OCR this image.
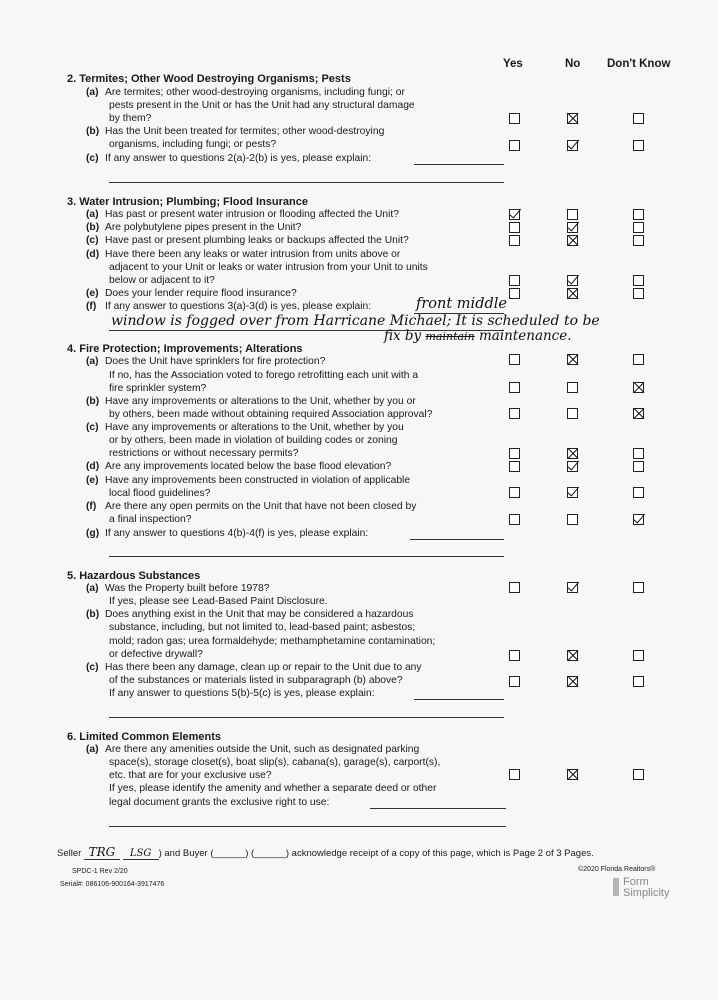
Yes	No Don't Know
2. Termites; Other Wood Destroying Organisms; Pests
(a) Are termites; other wood-destroying organisms, including fungi; or
pests present in the Unit or has the Unit had any structural damage
by them?
(b) Has the Unit been treated for termites; other wood-destroying
organisms, including fungi; or pests?
(c) If any answer to questions 2(a)-2(b) is yes, please explain:
3. Water Intrusion; Plumbing; Flood Insurance
(a) Has past or present water intrusion or flooding affected the Unit?
(b) Are polybutylene pipes present in the Unit?
(c) Have past or present plumbing leaks or backups affected the Unit?
(d) Have there been any leaks or water intrusion from units above or
adjacent to your Unit or leaks or water intrusion from your Unit to units
below or adjacent to it?
(e) Does your lender require flood insurance?
(f) If any answer to questions 3(a)-3(d) is yes, please explain:	front middle
window is fogged over from Harricane Michael; It is scheduled to be
fix by maintain maintenance.
4. Fire Protection; Improvements; Alterations
(a) Does the Unit have sprinklers for fire protection?
If no, has the Association voted to forego retrofitting each unit with a
fire sprinkler system?
(b) Have any improvements or alterations to the Unit, whether by you or
by others, been made without obtaining required Association approval?
(c) Have any improvements or alterations to the Unit, whether by you
or by others, been made in violation of building codes or zoning
restrictions or without necessary permits?
(d) Are any improvements located below the base flood elevation?
(e) Have any improvements been constructed in violation of applicable
local flood guidelines?
(f) Are there any open permits on the Unit that have not been closed by
a final inspection?
(g) If any answer to questions 4(b)-4(f) is yes, please explain:
5. Hazardous Substances
(a) Was the Property built before 1978?
If yes, please see Lead-Based Paint Disclosure.
(b) Does anything exist in the Unit that may be considered a hazardous
substance, including, but not limited to, lead-based paint; asbestos;
mold; radon gas; urea formaldehyde; methamphetamine contamination;
or defective drywall?
(c) Has there been any damage, clean up or repair to the Unit due to any
of the substances or materials listed in subparagraph (b) above?
If any answer to questions 5(b)-5(c) is yes, please explain:
6. Limited Common Elements
(a) Are there any amenities outside the Unit, such as designated parking
space(s), storage closet(s), boat slip(s), cabana(s), garage(s), carport(s),
etc. that are for your exclusive use?
If yes, please identify the amenity and whether a separate deed or other
legal document grants the exclusive right to use:
Seller TRG LSG ) and Buyer (______) (______) acknowledge receipt of a copy of this page, which is Page 2 of 3 Pages.
SPDC-1 Rev 2/20
Serial#: 086106-900164-3917476
©2020 Florida Realtors®
Form
Simplicity
